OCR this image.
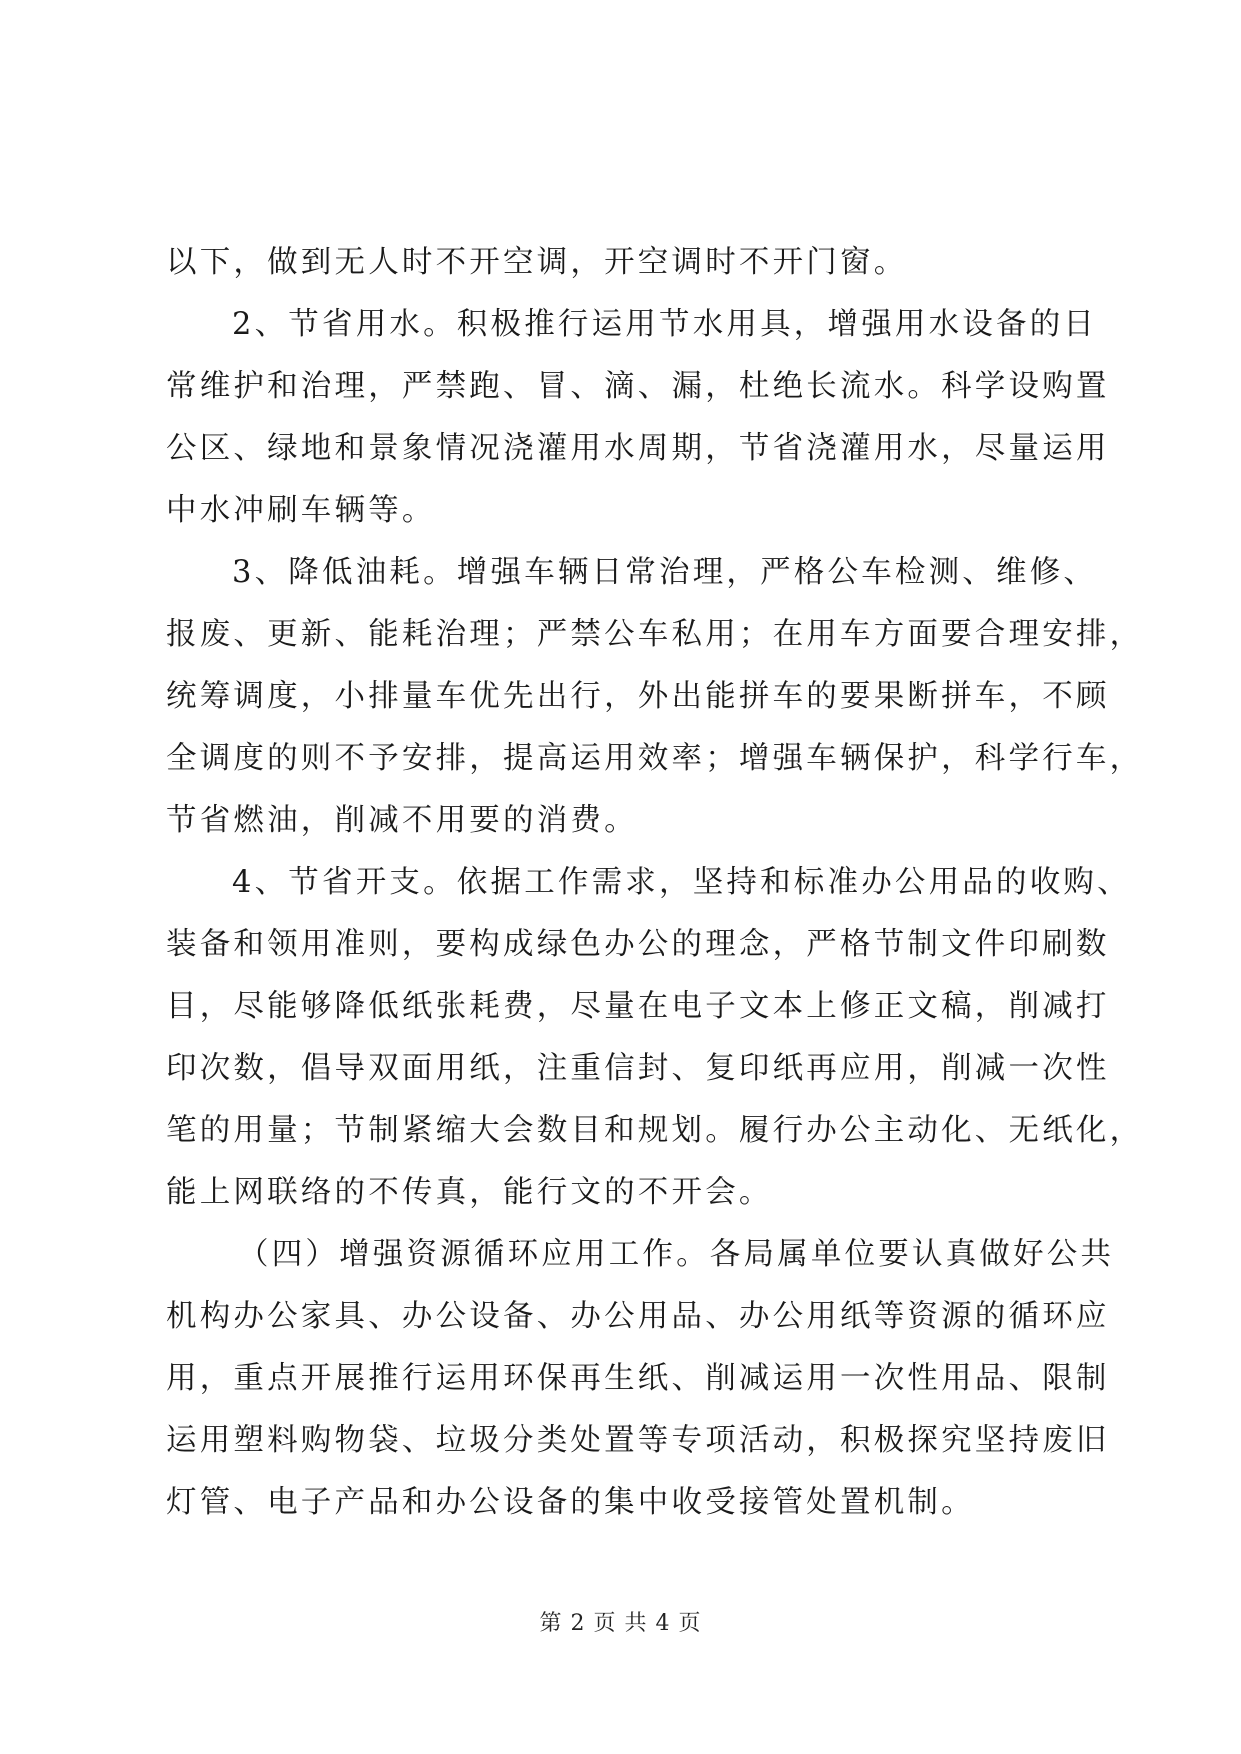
以下，做到无人时不开空调，开空调时不开门窗。
2、节省用水。积极推行运用节水用具，增强用水设备的日
常维护和治理，严禁跑、冒、滴、漏，杜绝长流水。科学设购置
公区、绿地和景象情况浇灌用水周期，节省浇灌用水，尽量运用
中水冲刷车辆等。
3、降低油耗。增强车辆日常治理，严格公车检测、维修、
报废、更新、能耗治理；严禁公车私用；在用车方面要合理安排，
统筹调度，小排量车优先出行，外出能拼车的要果断拼车，不顾
全调度的则不予安排，提高运用效率；增强车辆保护，科学行车，
节省燃油，削减不用要的消费。
4、节省开支。依据工作需求，坚持和标准办公用品的收购、
装备和领用准则，要构成绿色办公的理念，严格节制文件印刷数
目，尽能够降低纸张耗费，尽量在电子文本上修正文稿，削减打
印次数，倡导双面用纸，注重信封、复印纸再应用，削减一次性
笔的用量；节制紧缩大会数目和规划。履行办公主动化、无纸化，
能上网联络的不传真，能行文的不开会。
（四）增强资源循环应用工作。各局属单位要认真做好公共
机构办公家具、办公设备、办公用品、办公用纸等资源的循环应
用，重点开展推行运用环保再生纸、削减运用一次性用品、限制
运用塑料购物袋、垃圾分类处置等专项活动，积极探究坚持废旧
灯管、电子产品和办公设备的集中收受接管处置机制。
第 2 页 共 4 页
